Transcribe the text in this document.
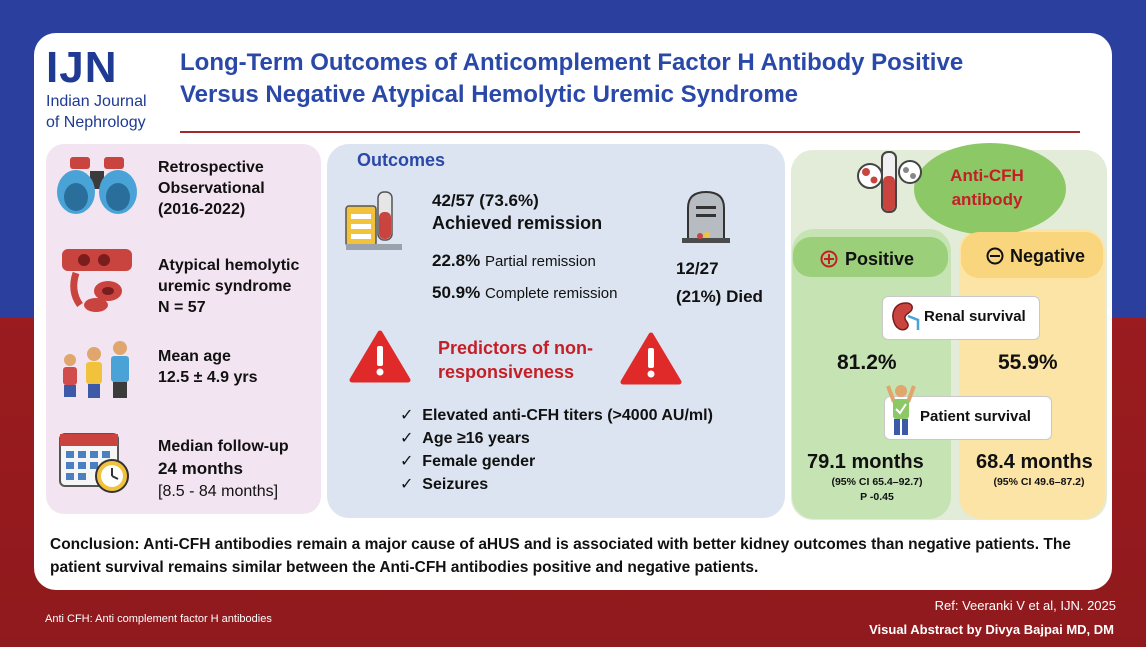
IJN
Indian Journal
of Nephrology
Long-Term Outcomes of Anticomplement Factor H Antibody Positive
Versus Negative Atypical Hemolytic Uremic Syndrome
Retrospective
Observational
(2016-2022)
Atypical hemolytic
uremic syndrome
N = 57
Mean age
12.5 ± 4.9 yrs
Median follow-up
24 months
[8.5 - 84 months]
Outcomes
42/57 (73.6%)
Achieved remission
22.8% Partial remission
50.9% Complete remission
12/27
(21%) Died
Predictors of non-responsiveness
✓ Elevated anti-CFH titers (>4000 AU/ml)
✓ Age ≥16 years
✓ Female gender
✓ Seizures
Anti-CFH
antibody
Positive	Negative
Renal survival
81.2%	55.9%
Patient survival
79.1 months
(95% CI 65.4–92.7)
P -0.45
68.4 months
(95% CI 49.6–87.2)
Conclusion: Anti-CFH antibodies remain a major cause of aHUS and is associated with better kidney outcomes than negative patients. The patient survival remains similar between the Anti-CFH antibodies positive and negative patients.
Anti CFH: Anti complement factor H antibodies
Ref: Veeranki V et al, IJN. 2025
Visual Abstract by Divya Bajpai MD, DM
